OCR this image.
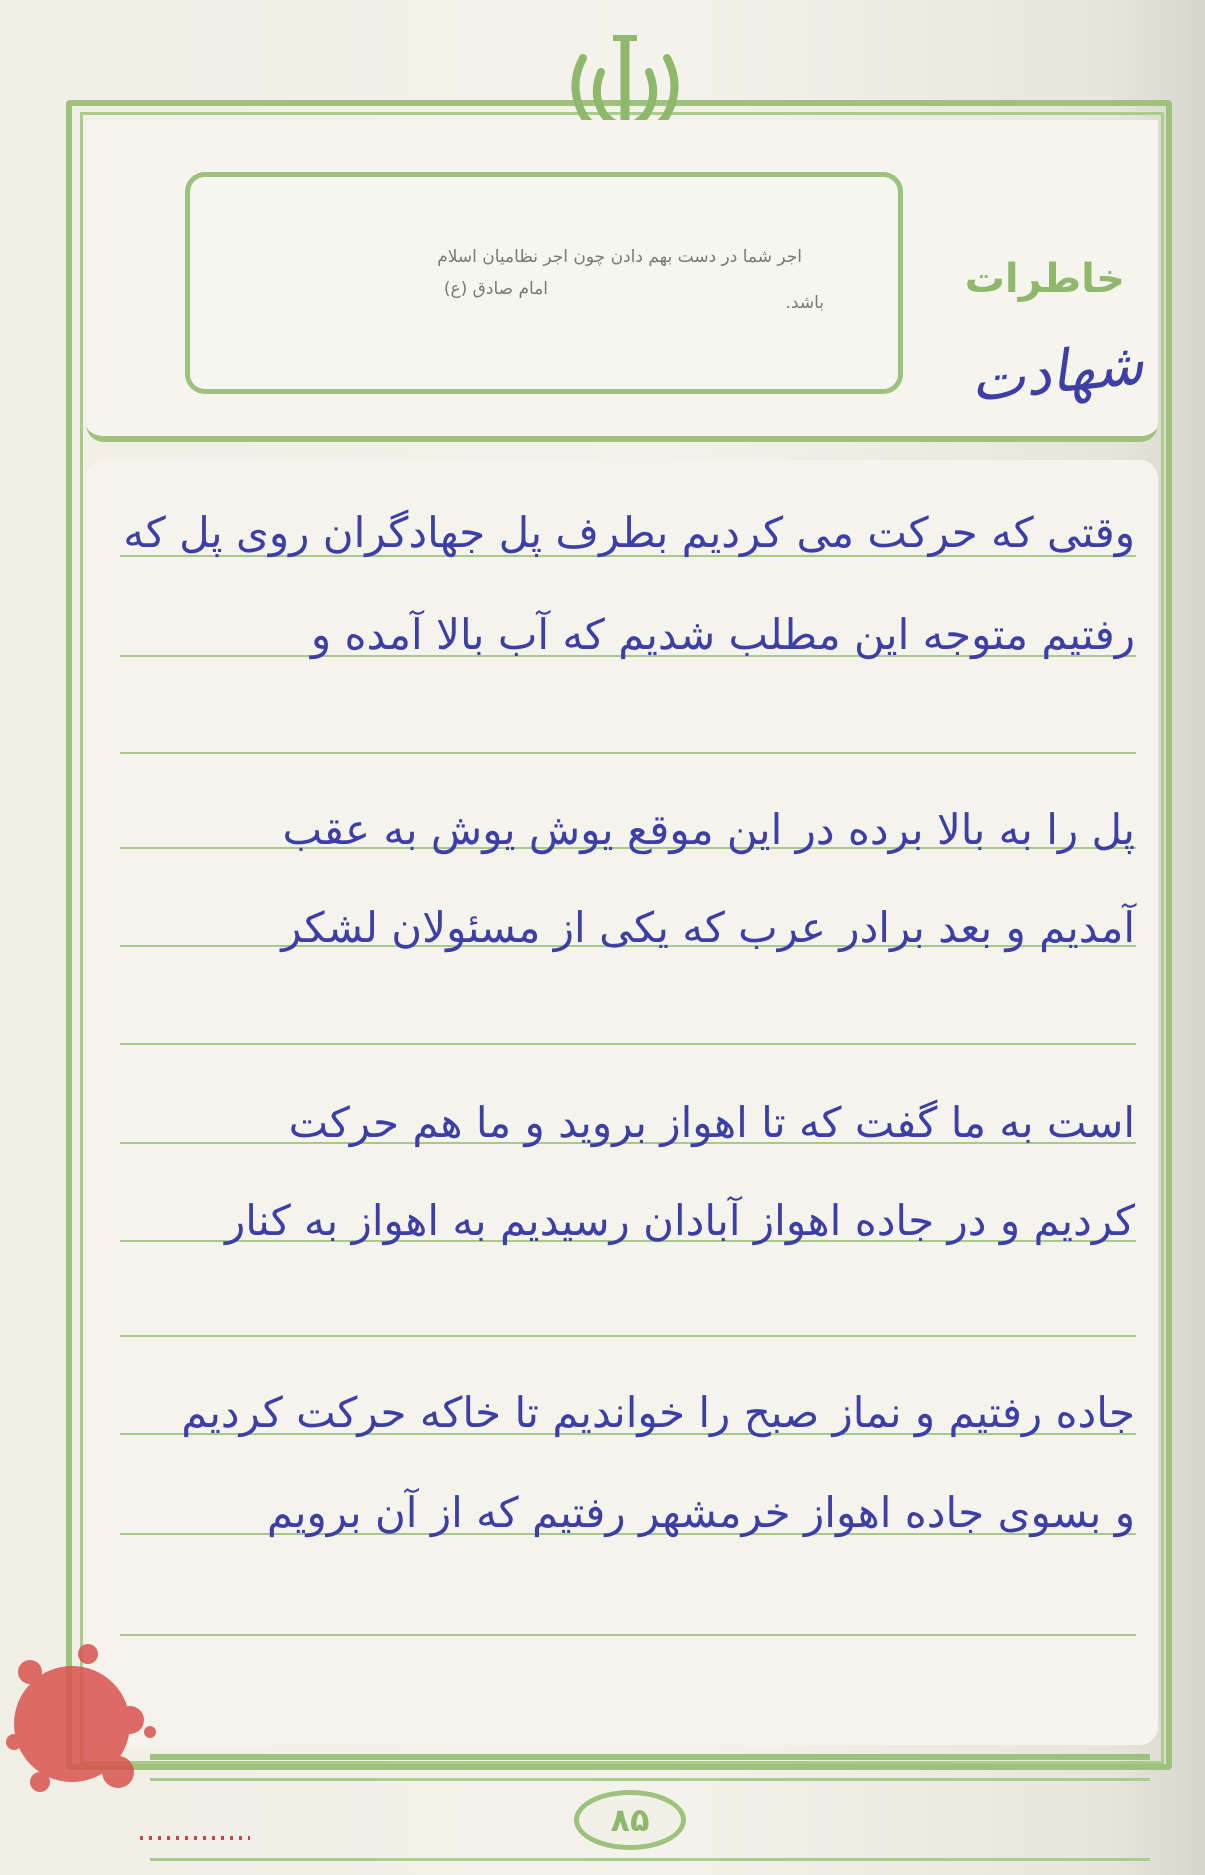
اجر شما در دست بهم دادن چون اجر نظامیان اسلام
امام صادق (ع)
باشد.
خاطرات
شهادت
وقتی که حرکت می کردیم بطرف پل جهادگران روی پل که
رفتیم متوجه این مطلب شدیم که آب بالا آمده و
پل را به بالا برده در این موقع یوش یوش به عقب
آمدیم و بعد برادر عرب که یکی از مسئولان لشکر
است به ما گفت که تا اهواز بروید و ما هم حرکت
کردیم و در جاده اهواز آبادان رسیدیم به اهواز به کنار
جاده رفتیم و نماز صبح را خواندیم تا خاکه حرکت کردیم
و بسوی جاده اهواز خرمشهر رفتیم که از آن برویم
۸۵
